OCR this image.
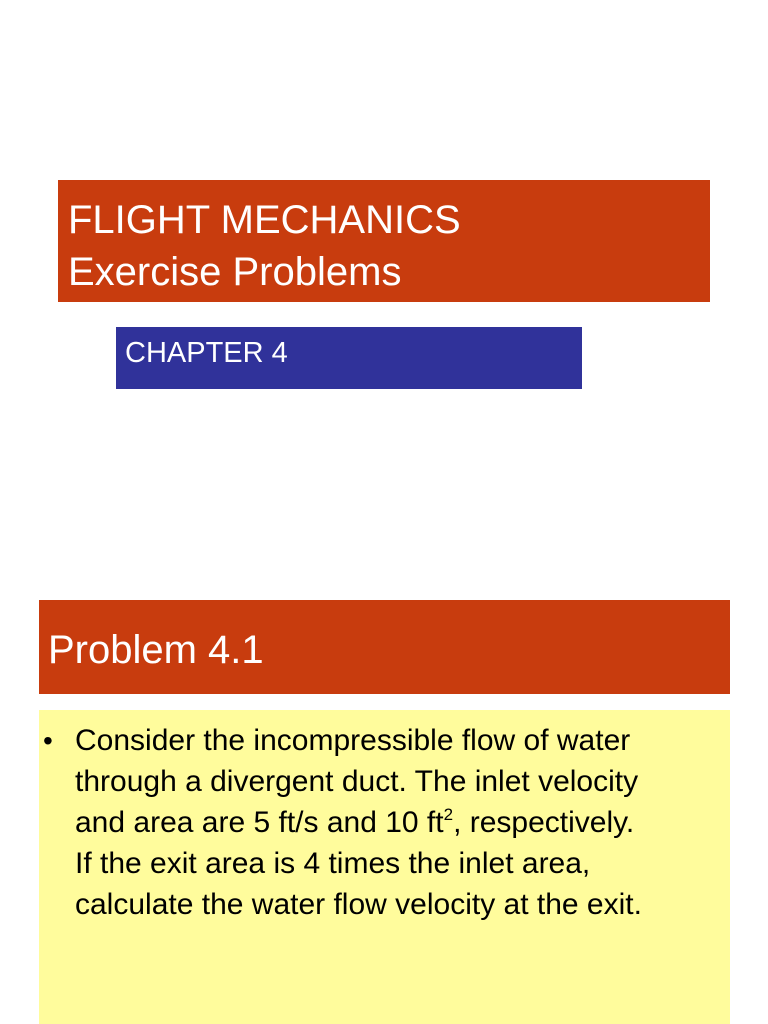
FLIGHT MECHANICS
Exercise Problems
CHAPTER 4
Problem 4.1
• Consider the incompressible flow of water
through a divergent duct. The inlet velocity
and area are 5 ft/s and 10 $ft^2$, respectively.
If the exit area is 4 times the inlet area,
calculate the water flow velocity at the exit.
